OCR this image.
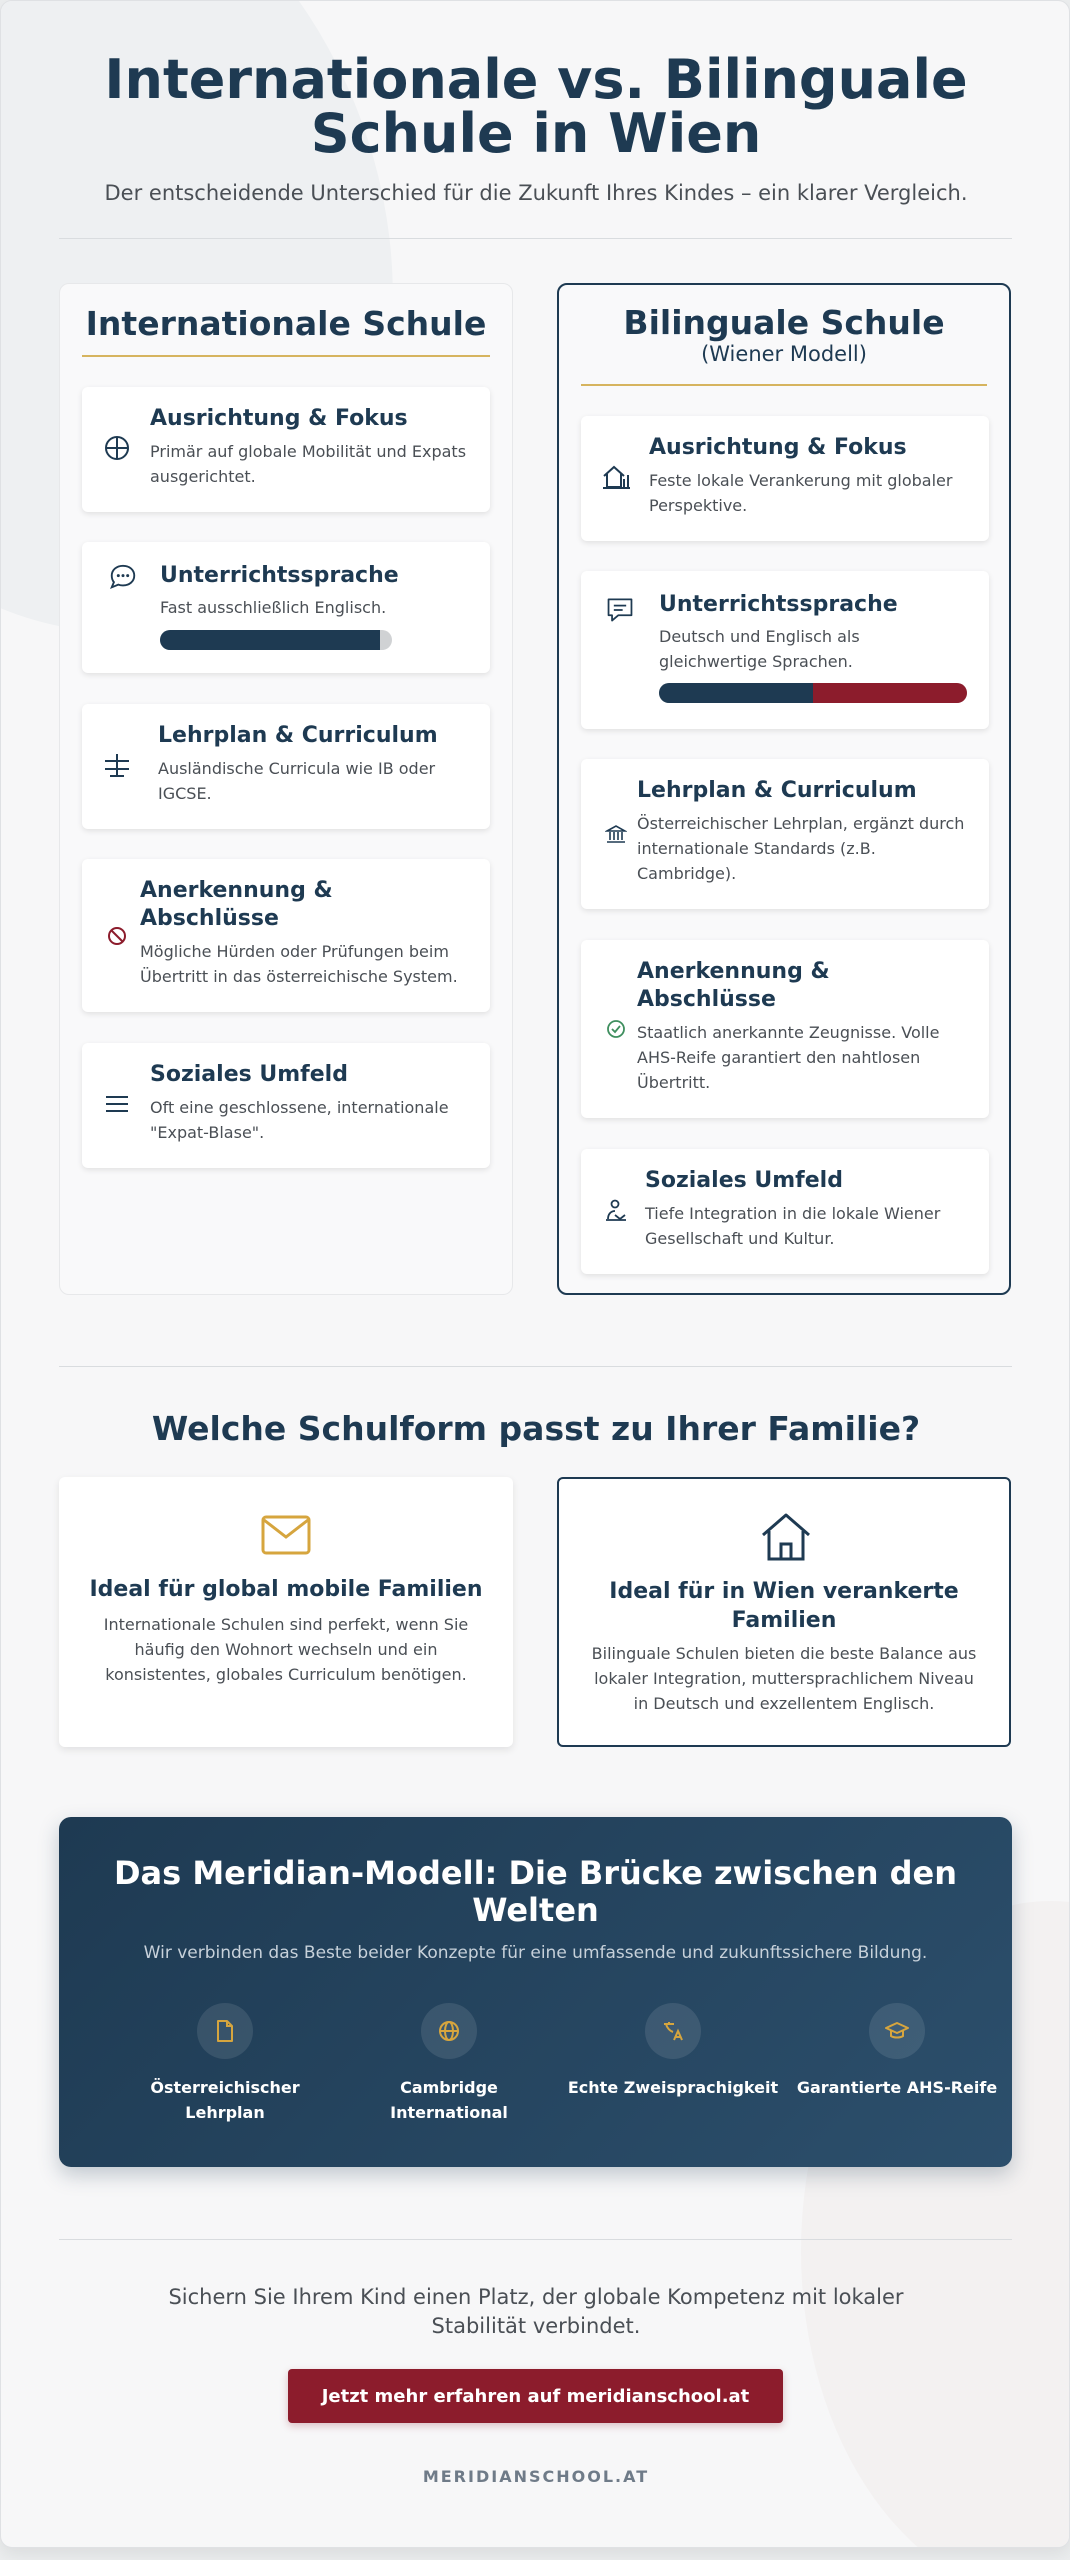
Internationale vs. Bilinguale
Schule in Wien
Der entscheidende Unterschied für die Zukunft Ihres Kindes – ein klarer Vergleich.
Internationale Schule
Ausrichtung & Fokus
Primär auf globale Mobilität und Expats ausgerichtet.
Unterrichtssprache
Fast ausschließlich Englisch.
Lehrplan & Curriculum
Ausländische Curricula wie IB oder IGCSE.
Anerkennung & Abschlüsse
Mögliche Hürden oder Prüfungen beim Übertritt in das österreichische System.
Soziales Umfeld
Oft eine geschlossene, internationale "Expat-Blase".
Bilinguale Schule
(Wiener Modell)
Ausrichtung & Fokus
Feste lokale Verankerung mit globaler Perspektive.
Unterrichtssprache
Deutsch und Englisch als gleichwertige Sprachen.
Lehrplan & Curriculum
Österreichischer Lehrplan, ergänzt durch internationale Standards (z.B. Cambridge).
Anerkennung & Abschlüsse
Staatlich anerkannte Zeugnisse. Volle AHS-Reife garantiert den nahtlosen Übertritt.
Soziales Umfeld
Tiefe Integration in die lokale Wiener Gesellschaft und Kultur.
Welche Schulform passt zu Ihrer Familie?
Ideal für global mobile Familien
Internationale Schulen sind perfekt, wenn Sie häufig den Wohnort wechseln und ein konsistentes, globales Curriculum benötigen.
Ideal für in Wien verankerte Familien
Bilinguale Schulen bieten die beste Balance aus lokaler Integration, muttersprachlichem Niveau in Deutsch und exzellentem Englisch.
Das Meridian-Modell: Die Brücke zwischen den Welten
Wir verbinden das Beste beider Konzepte für eine umfassende und zukunftssichere Bildung.
Österreichischer Lehrplan
Cambridge International
Echte Zweisprachigkeit	Garantierte AHS-Reife
Sichern Sie Ihrem Kind einen Platz, der globale Kompetenz mit lokaler Stabilität verbindet.
Jetzt mehr erfahren auf meridianschool.at
MERIDIANSCHOOL.AT
